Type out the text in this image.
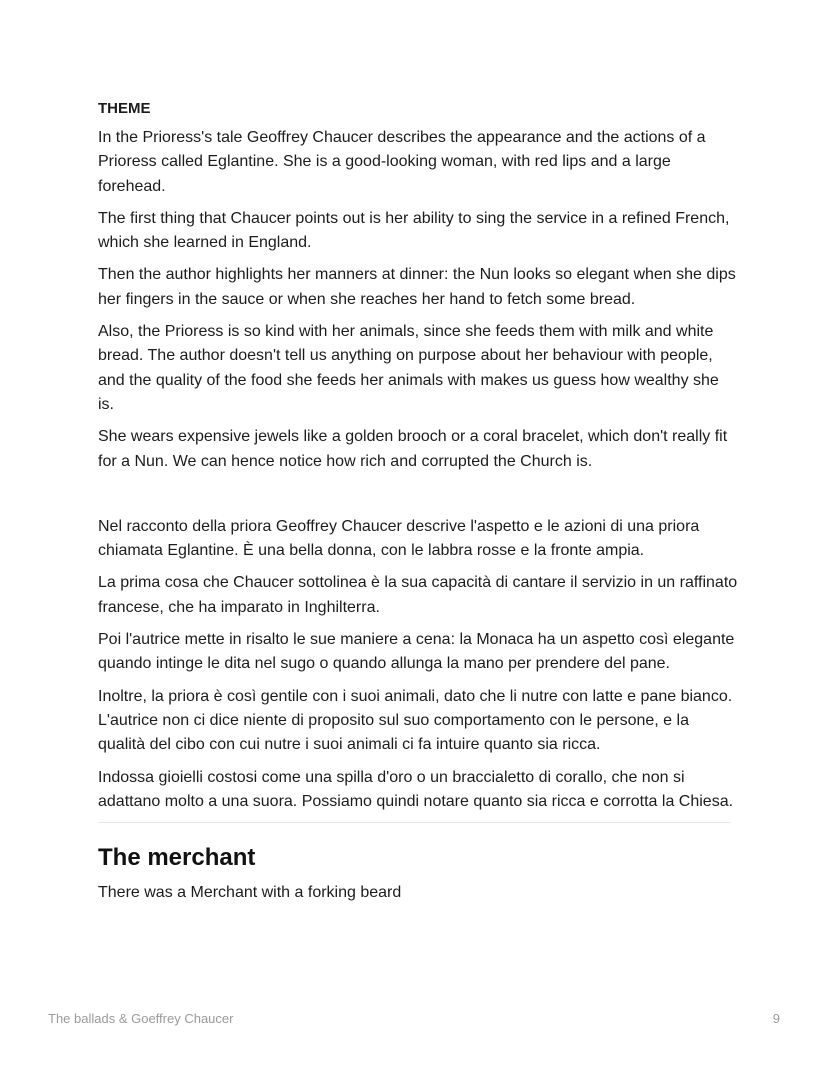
THEME

In the Prioress's tale Geoffrey Chaucer describes the appearance and the actions of a Prioress called Eglantine. She is a good-looking woman, with red lips and a large forehead.

The first thing that Chaucer points out is her ability to sing the service in a refined French, which she learned in England.

Then the author highlights her manners at dinner: the Nun looks so elegant when she dips her fingers in the sauce or when she reaches her hand to fetch some bread.

Also, the Prioress is so kind with her animals, since she feeds them with milk and white bread. The author doesn't tell us anything on purpose about her behaviour with people, and the quality of the food she feeds her animals with makes us guess how wealthy she is.

She wears expensive jewels like a golden brooch or a coral bracelet, which don't really fit for a Nun. We can hence notice how rich and corrupted the Church is.

Nel racconto della priora Geoffrey Chaucer descrive l'aspetto e le azioni di una priora chiamata Eglantine. È una bella donna, con le labbra rosse e la fronte ampia.

La prima cosa che Chaucer sottolinea è la sua capacità di cantare il servizio in un raffinato francese, che ha imparato in Inghilterra.

Poi l'autrice mette in risalto le sue maniere a cena: la Monaca ha un aspetto così elegante quando intinge le dita nel sugo o quando allunga la mano per prendere del pane.

Inoltre, la priora è così gentile con i suoi animali, dato che li nutre con latte e pane bianco. L'autrice non ci dice niente di proposito sul suo comportamento con le persone, e la qualità del cibo con cui nutre i suoi animali ci fa intuire quanto sia ricca.

Indossa gioielli costosi come una spilla d'oro o un braccialetto di corallo, che non si adattano molto a una suora. Possiamo quindi notare quanto sia ricca e corrotta la Chiesa.

The merchant

There was a Merchant with a forking beard

The ballads & Goeffrey Chaucer	9
